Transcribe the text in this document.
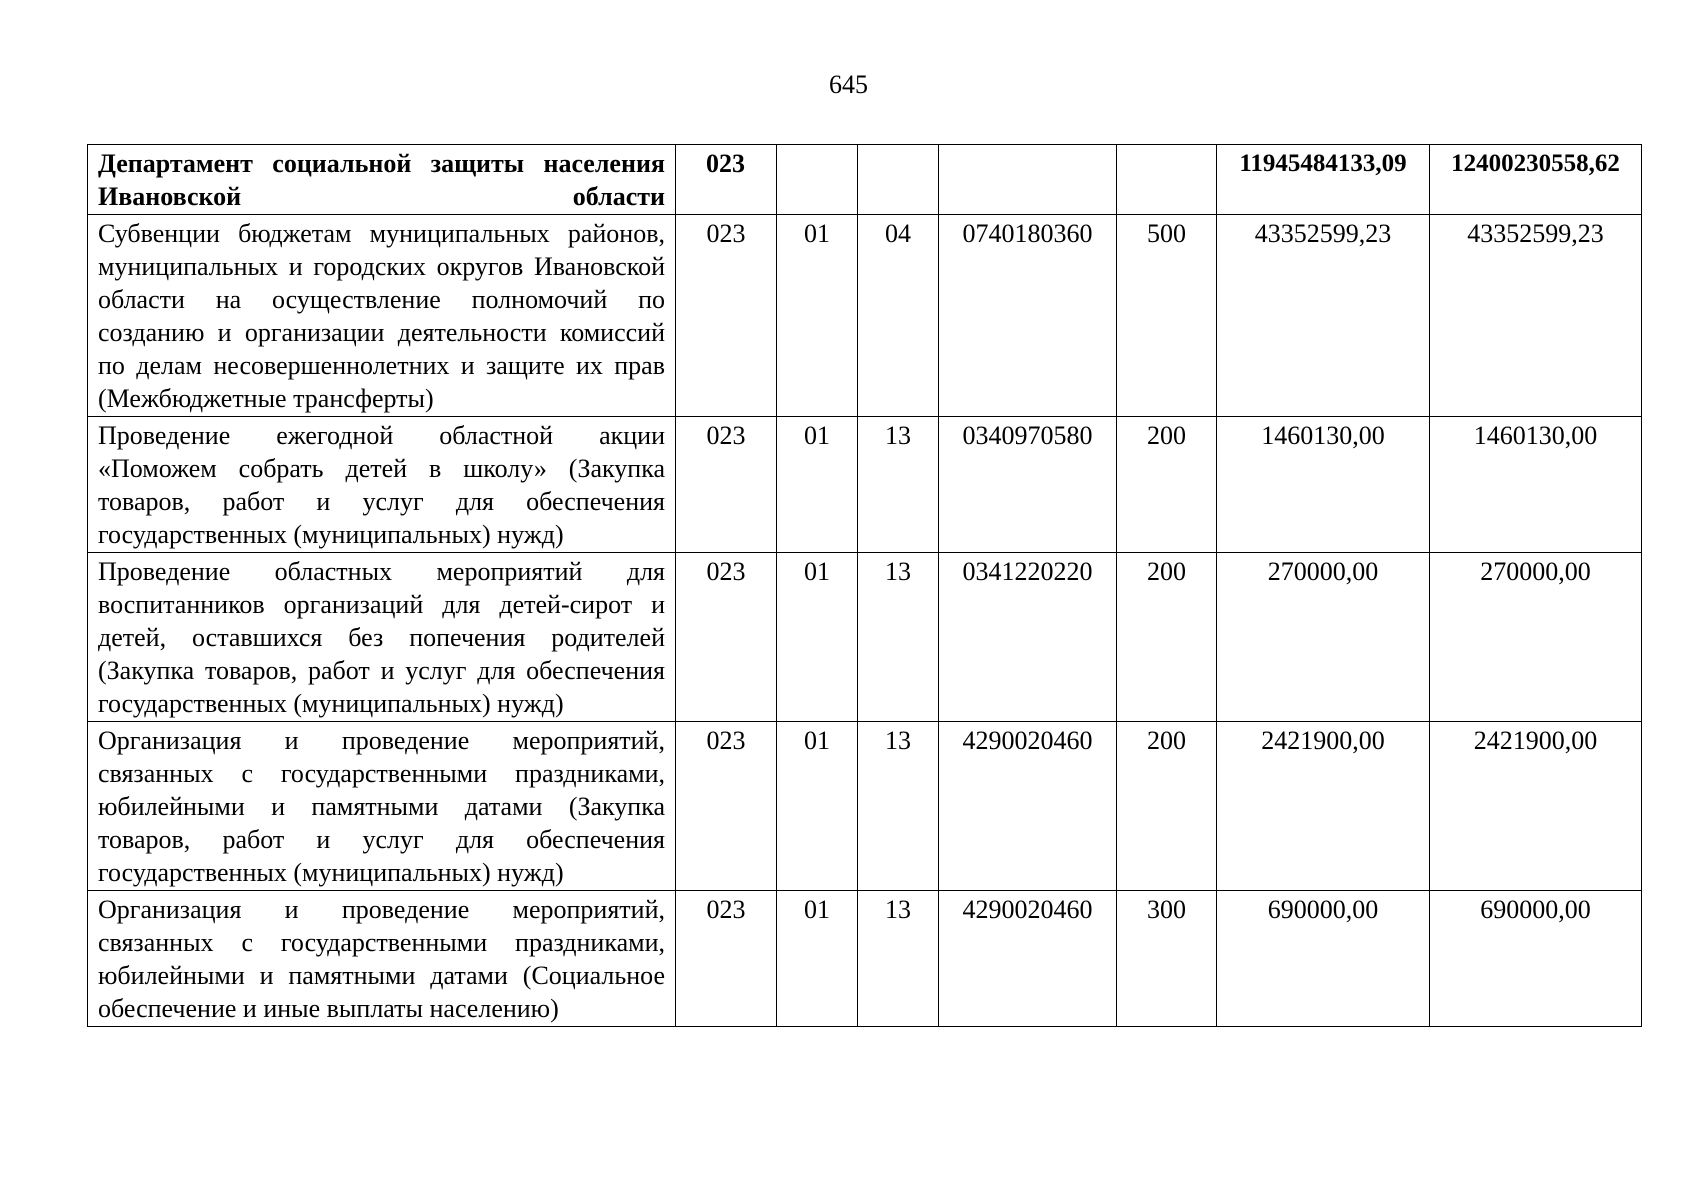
645
Департамент социальной защиты населения Ивановской области	023					11945484133,09	12400230558,62
Субвенции бюджетам муниципальных районов, муниципальных и городских округов Ивановской области на осуществление полномочий по созданию и организации деятельности комиссий по делам несовершеннолетних и защите их прав (Межбюджетные трансферты)	023	01	04	0740180360	500	43352599,23	43352599,23
Проведение ежегодной областной акции «Поможем собрать детей в школу» (Закупка товаров, работ и услуг для обеспечения государственных (муниципальных) нужд)	023	01	13	0340970580	200	1460130,00	1460130,00
Проведение областных мероприятий для воспитанников организаций для детей-сирот и детей, оставшихся без попечения родителей (Закупка товаров, работ и услуг для обеспечения государственных (муниципальных) нужд)	023	01	13	0341220220	200	270000,00	270000,00
Организация и проведение мероприятий, связанных с государственными праздниками, юбилейными и памятными датами (Закупка товаров, работ и услуг для обеспечения государственных (муниципальных) нужд)	023	01	13	4290020460	200	2421900,00	2421900,00
Организация и проведение мероприятий, связанных с государственными праздниками, юбилейными и памятными датами (Социальное обеспечение и иные выплаты населению)	023	01	13	4290020460	300	690000,00	690000,00
